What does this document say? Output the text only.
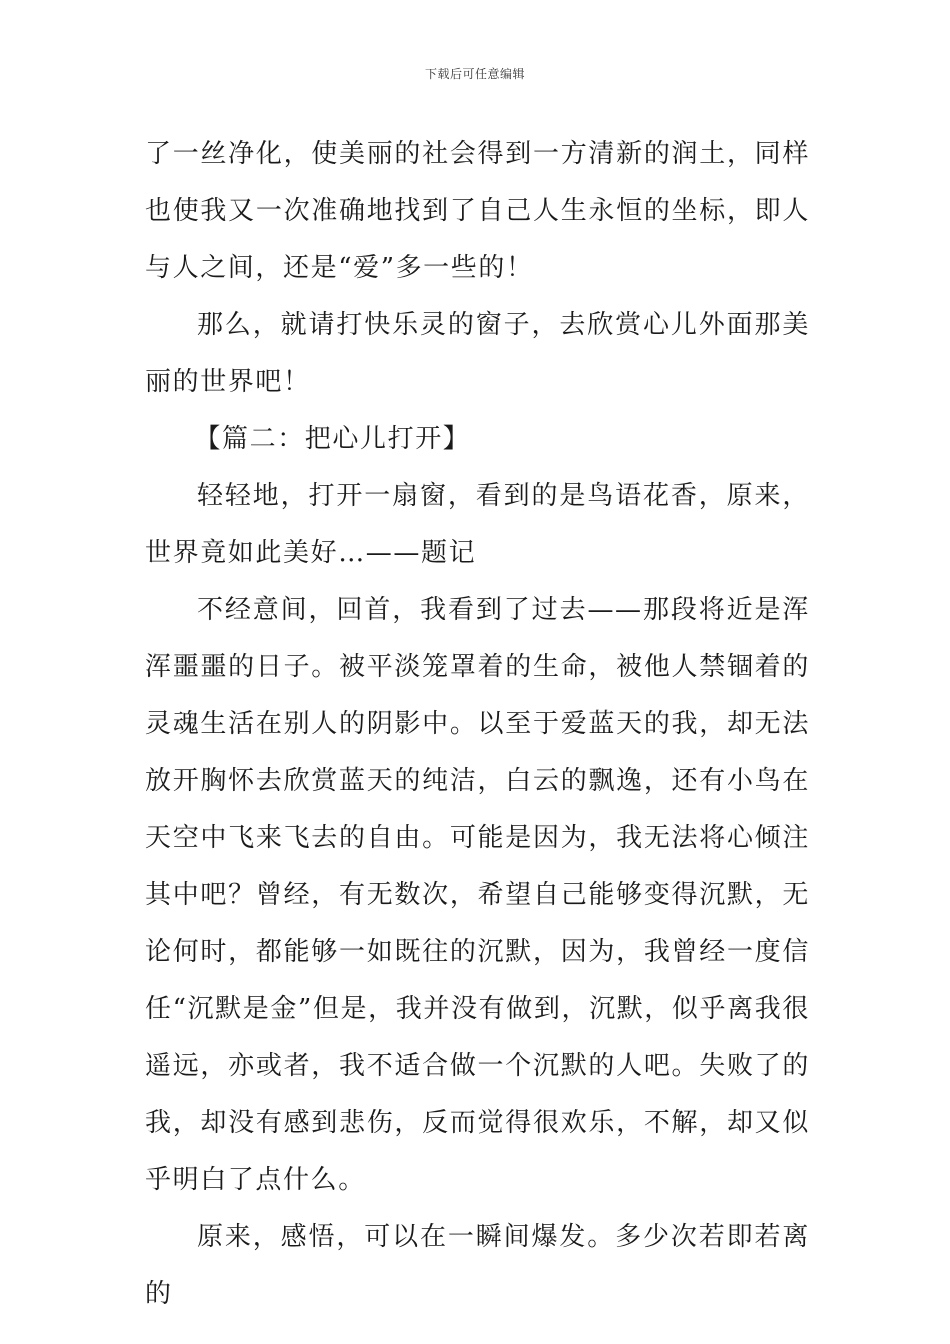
下载后可任意编辑

了一丝净化，使美丽的社会得到一方清新的润土，同样也使我又一次准确地找到了自己人生永恒的坐标，即人与人之间，还是“爱”多一些的！

那么，就请打快乐灵的窗子，去欣赏心儿外面那美丽的世界吧！

【篇二：把心儿打开】

轻轻地，打开一扇窗，看到的是鸟语花香，原来，世界竟如此美好…——题记

不经意间，回首，我看到了过去——那段将近是浑浑噩噩的日子。被平淡笼罩着的生命，被他人禁锢着的灵魂生活在别人的阴影中。以至于爱蓝天的我，却无法放开胸怀去欣赏蓝天的纯洁，白云的飘逸，还有小鸟在天空中飞来飞去的自由。可能是因为，我无法将心倾注其中吧？曾经，有无数次，希望自己能够变得沉默，无论何时，都能够一如既往的沉默，因为，我曾经一度信任“沉默是金”但是，我并没有做到，沉默，似乎离我很遥远，亦或者，我不适合做一个沉默的人吧。失败了的我，却没有感到悲伤，反而觉得很欢乐，不解，却又似乎明白了点什么。

原来，感悟，可以在一瞬间爆发。多少次若即若离的
